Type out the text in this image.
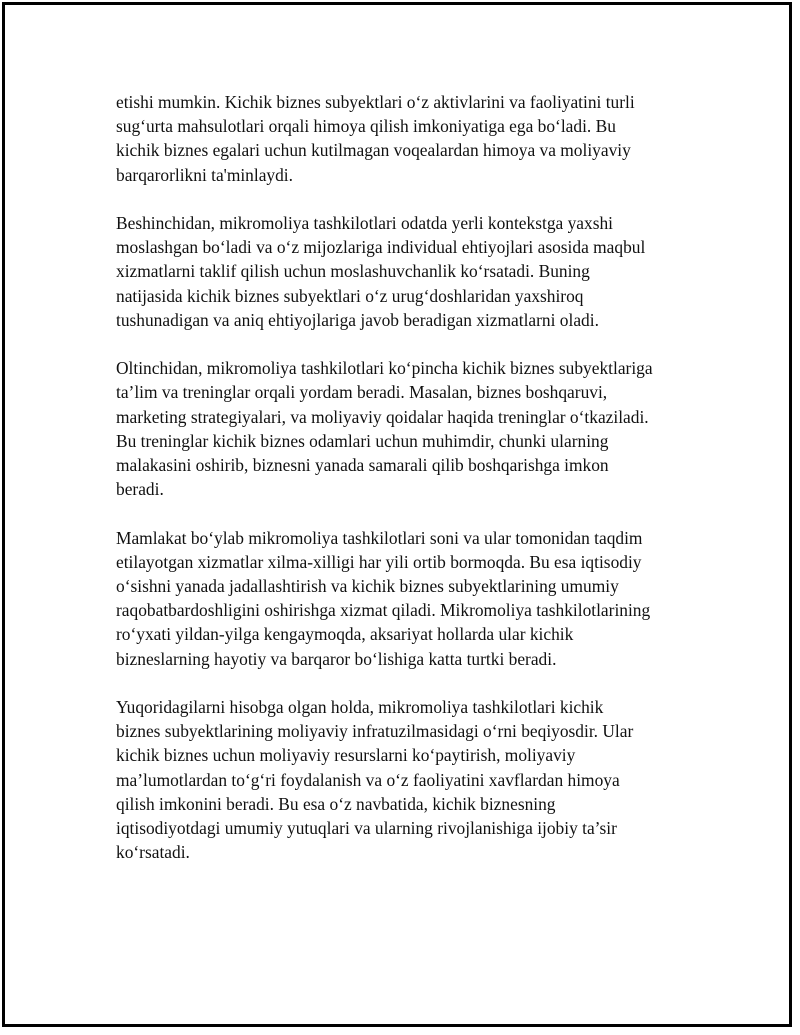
etishi mumkin. Kichik biznes subyektlari o‘z aktivlarini va faoliyatini turli
sug‘urta mahsulotlari orqali himoya qilish imkoniyatiga ega bo‘ladi. Bu
kichik biznes egalari uchun kutilmagan voqealardan himoya va moliyaviy
barqarorlikni ta'minlaydi.

Beshinchidan, mikromoliya tashkilotlari odatda yerli kontekstga yaxshi
moslashgan bo‘ladi va o‘z mijozlariga individual ehtiyojlari asosida maqbul
xizmatlarni taklif qilish uchun moslashuvchanlik ko‘rsatadi. Buning
natijasida kichik biznes subyektlari o‘z urug‘doshlaridan yaxshiroq
tushunadigan va aniq ehtiyojlariga javob beradigan xizmatlarni oladi.

Oltinchidan, mikromoliya tashkilotlari ko‘pincha kichik biznes subyektlariga
ta’lim va treninglar orqali yordam beradi. Masalan, biznes boshqaruvi,
marketing strategiyalari, va moliyaviy qoidalar haqida treninglar o‘tkaziladi.
Bu treninglar kichik biznes odamlari uchun muhimdir, chunki ularning
malakasini oshirib, biznesni yanada samarali qilib boshqarishga imkon
beradi.

Mamlakat bo‘ylab mikromoliya tashkilotlari soni va ular tomonidan taqdim
etilayotgan xizmatlar xilma-xilligi har yili ortib bormoqda. Bu esa iqtisodiy
o‘sishni yanada jadallashtirish va kichik biznes subyektlarining umumiy
raqobatbardoshligini oshirishga xizmat qiladi. Mikromoliya tashkilotlarining
ro‘yxati yildan-yilga kengaymoqda, aksariyat hollarda ular kichik
bizneslarning hayotiy va barqaror bo‘lishiga katta turtki beradi.

Yuqoridagilarni hisobga olgan holda, mikromoliya tashkilotlari kichik
biznes subyektlarining moliyaviy infratuzilmasidagi o‘rni beqiyosdir. Ular
kichik biznes uchun moliyaviy resurslarni ko‘paytirish, moliyaviy
ma’lumotlardan to‘g‘ri foydalanish va o‘z faoliyatini xavflardan himoya
qilish imkonini beradi. Bu esa o‘z navbatida, kichik biznesning
iqtisodiyotdagi umumiy yutuqlari va ularning rivojlanishiga ijobiy ta’sir
ko‘rsatadi.
